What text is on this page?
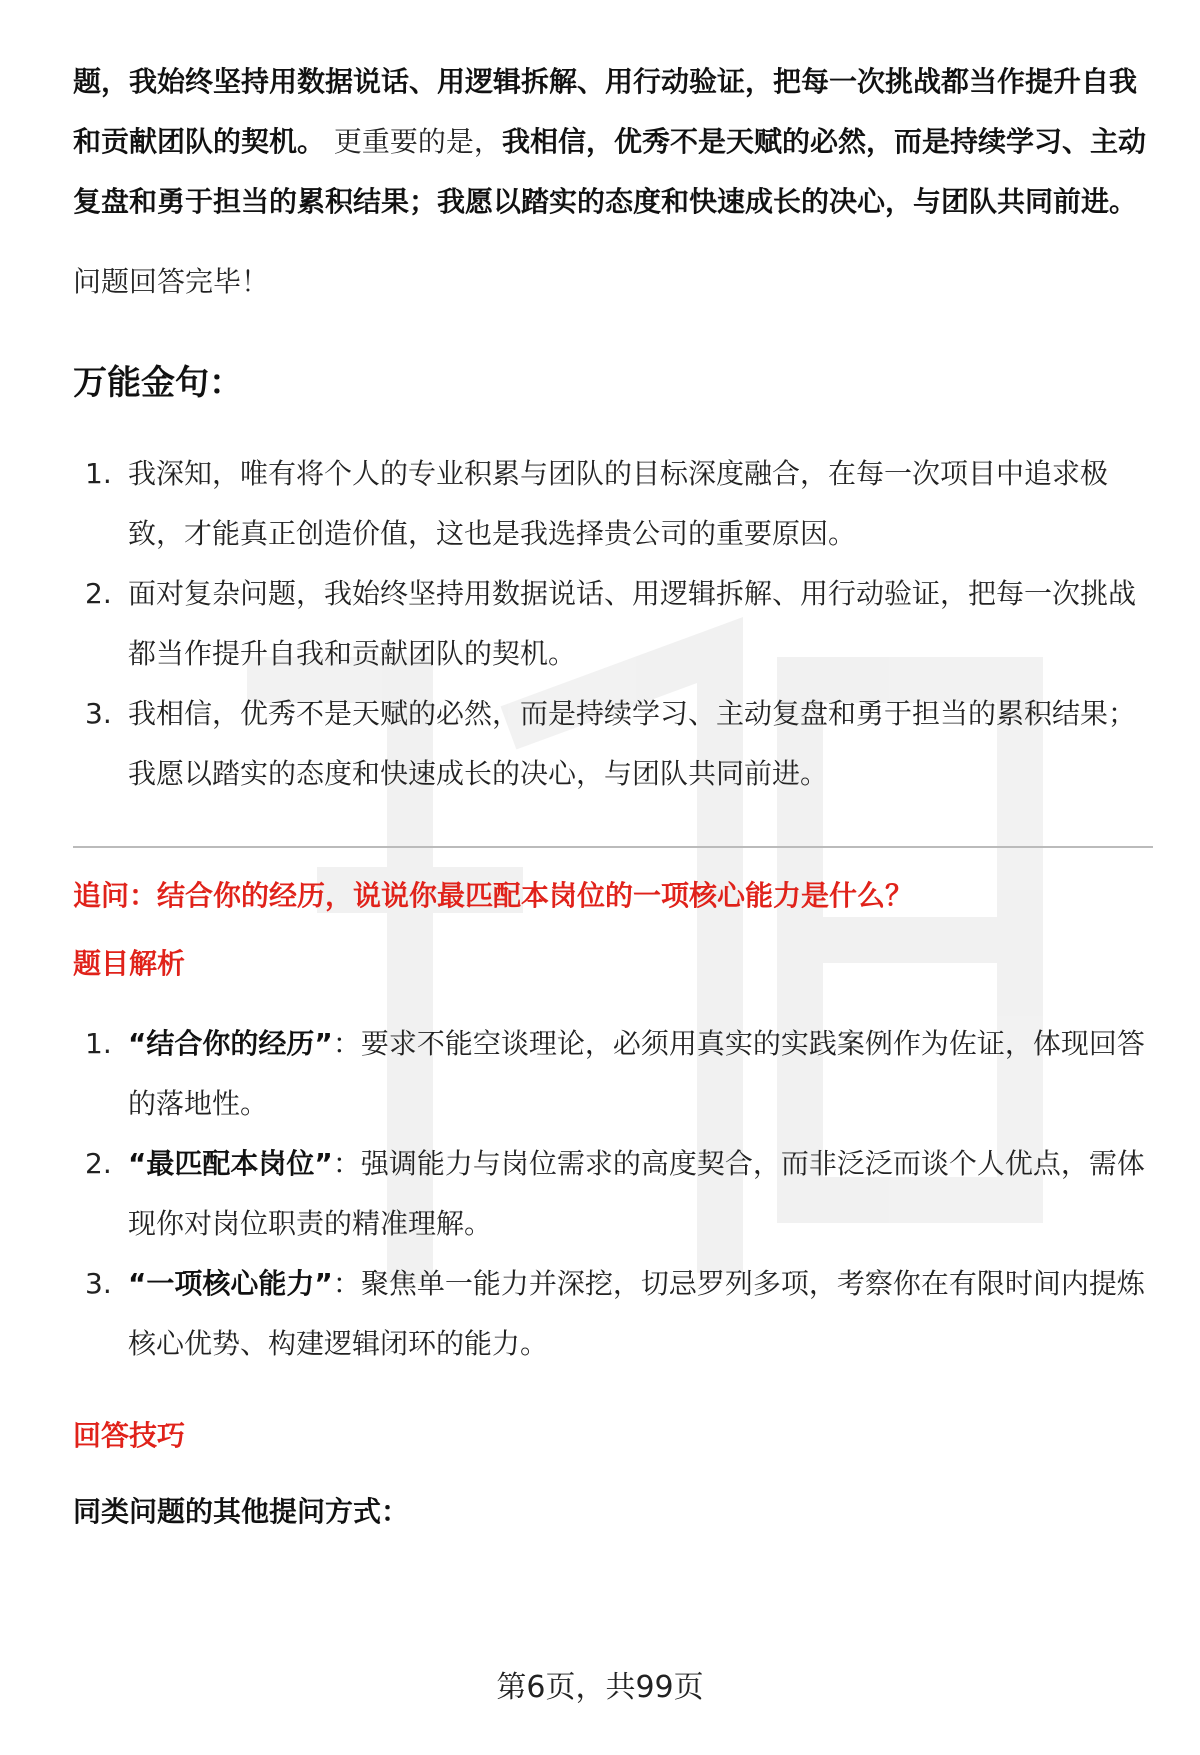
题，我始终坚持用数据说话、用逻辑拆解、用行动验证，把每一次挑战都当作提升自我和贡献团队的契机。 更重要的是，我相信，优秀不是天赋的必然，而是持续学习、主动复盘和勇于担当的累积结果；我愿以踏实的态度和快速成长的决心，与团队共同前进。

问题回答完毕！

万能金句：
1. 我深知，唯有将个人的专业积累与团队的目标深度融合，在每一次项目中追求极致，才能真正创造价值，这也是我选择贵公司的重要原因。
2. 面对复杂问题，我始终坚持用数据说话、用逻辑拆解、用行动验证，把每一次挑战都当作提升自我和贡献团队的契机。
3. 我相信，优秀不是天赋的必然，而是持续学习、主动复盘和勇于担当的累积结果；我愿以踏实的态度和快速成长的决心，与团队共同前进。
追问：结合你的经历，说说你最匹配本岗位的一项核心能力是什么？
题目解析
1. “结合你的经历”：要求不能空谈理论，必须用真实的实践案例作为佐证，体现回答的落地性。
2. “最匹配本岗位”：强调能力与岗位需求的高度契合，而非泛泛而谈个人优点，需体现你对岗位职责的精准理解。
3. “一项核心能力”：聚焦单一能力并深挖，切忌罗列多项，考察你在有限时间内提炼核心优势、构建逻辑闭环的能力。
回答技巧
同类问题的其他提问方式：
第6页，共99页
